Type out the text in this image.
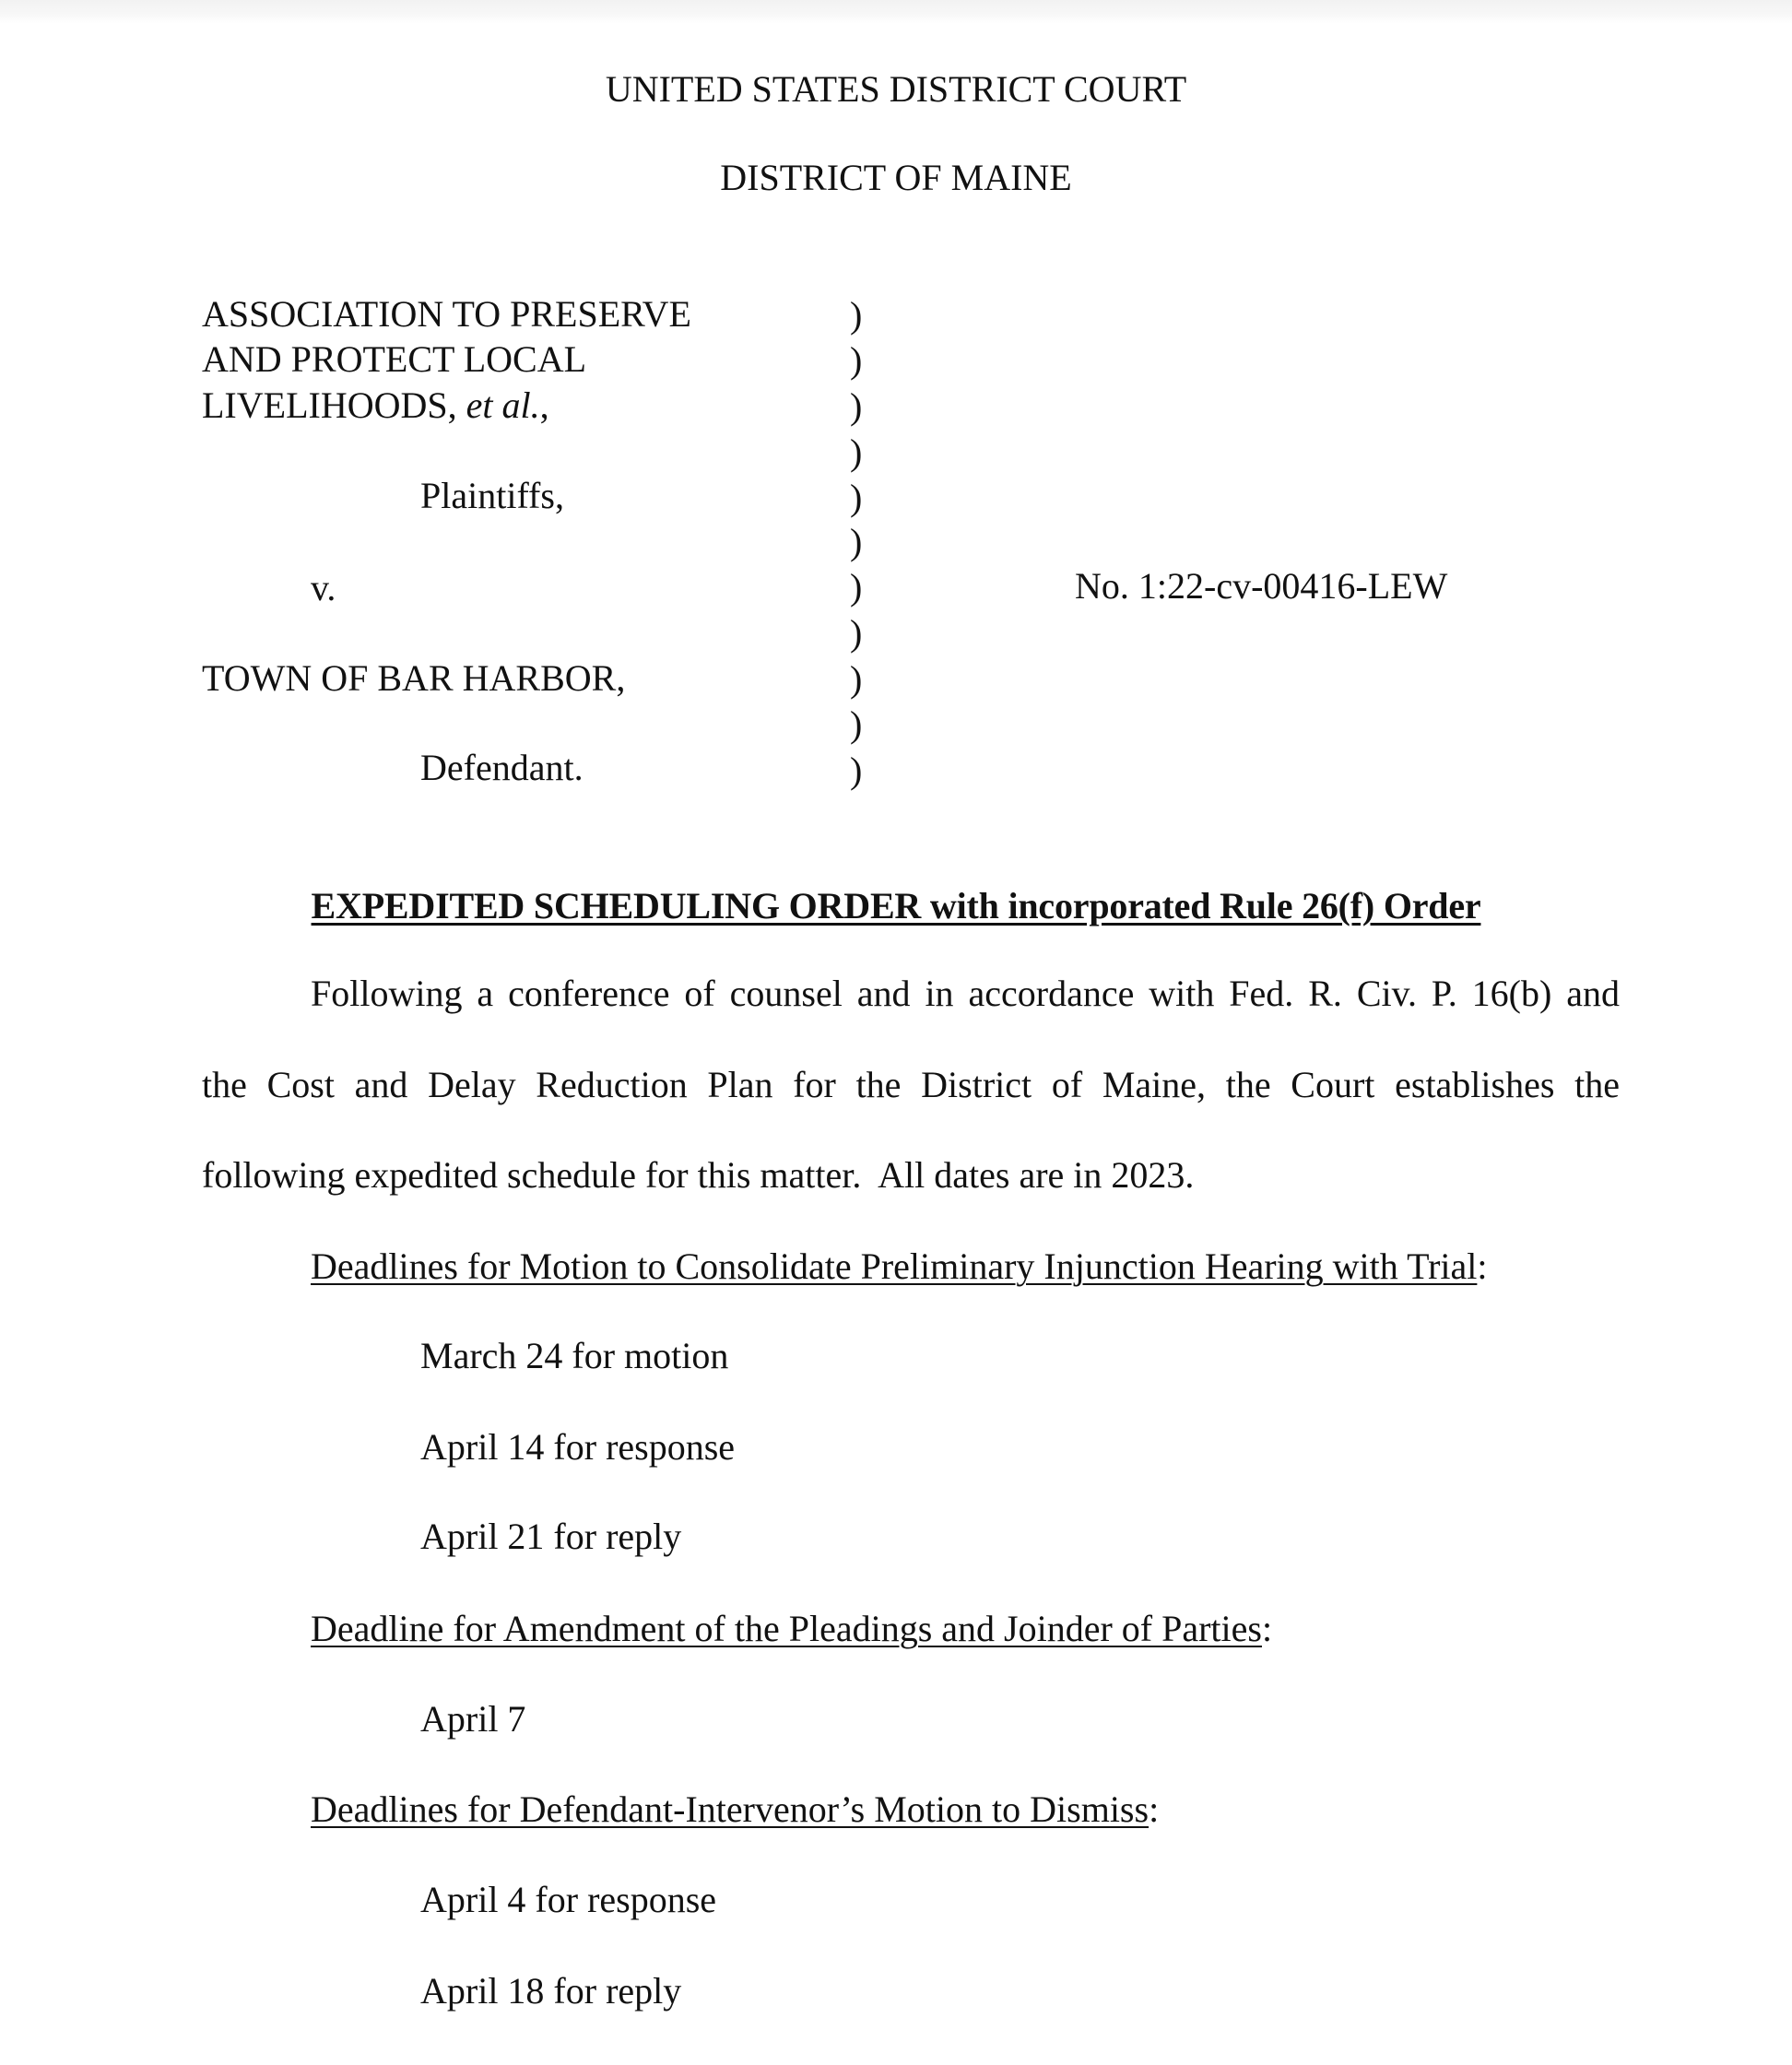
UNITED STATES DISTRICT COURT
DISTRICT OF MAINE
ASSOCIATION TO PRESERVE
AND PROTECT LOCAL
LIVELIHOODS, et al.,
Plaintiffs,
v.
TOWN OF BAR HARBOR,
Defendant.
)
)
)
)
)
)
)
)
)
)
)
No. 1:22-cv-00416-LEW
EXPEDITED SCHEDULING ORDER with incorporated Rule 26(f) Order
Following a conference of counsel and in accordance with Fed. R. Civ. P. 16(b) and
the Cost and Delay Reduction Plan for the District of Maine, the Court establishes the
following expedited schedule for this matter.  All dates are in 2023.
Deadlines for Motion to Consolidate Preliminary Injunction Hearing with Trial:
March 24 for motion
April 14 for response
April 21 for reply
Deadline for Amendment of the Pleadings and Joinder of Parties:
April 7
Deadlines for Defendant-Intervenor’s Motion to Dismiss:
April 4 for response
April 18 for reply
